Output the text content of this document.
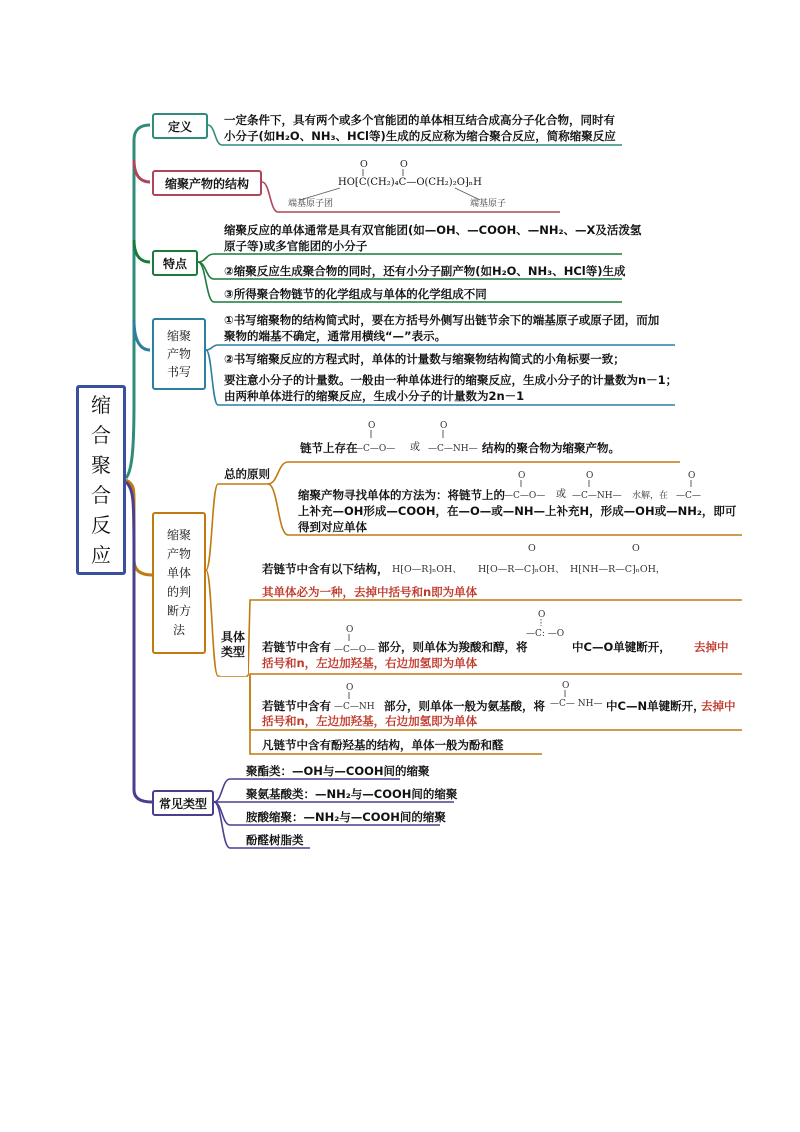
O
—C—O—
O
—C—NH—
O
—C—O—
O
—C—NH— 水解，在
O
—C—
H⁅O—R⁆ₙOH、 H⁅O—R—C⁆ₙOH、
O
H⁅NH—R—C⁆ₙOH，
O
O
—C—O—
O
—C: —O
O
—C—NH
O
—C— NH—
O	O
缩
合
聚
合
反
应
定义	一定条件下，具有两个或多个官能团的单体相互结合成高分子化合物，同时有
小分子(如H₂O、NH₃、HCl等)生成的反应称为缩合聚合反应，简称缩聚反应
缩聚产物的结构	HO⁅C(CH₂)₄C—O(CH₂)₂O⁆ₙH
端基原子团	端基原子
特点
缩聚反应的单体通常是具有双官能团(如—OH、—COOH、—NH₂、—X及活泼氢
原子等)或多官能团的小分子
②缩聚反应生成聚合物的同时，还有小分子副产物(如H₂O、NH₃、HCl等)生成
③所得聚合物链节的化学组成与单体的化学组成不同
缩聚
产物
书写
①书写缩聚物的结构简式时，要在方括号外侧写出链节余下的端基原子或原子团，而加
聚物的端基不确定，通常用横线“—”表示。
②书写缩聚反应的方程式时，单体的计量数与缩聚物结构简式的小角标要一致；
要注意小分子的计量数。一般由一种单体进行的缩聚反应，生成小分子的计量数为n－1；
由两种单体进行的缩聚反应，生成小分子的计量数为2n－1
缩聚
产物
单体
的判
断方
法
总的原则
链节上存在	或	结构的聚合物为缩聚产物。
缩聚产物寻找单体的方法为：将链节上的	或
上补充—OH形成—COOH，在—O—或—NH—上补充H，形成—OH或—NH₂，即可
得到对应单体
具体
类型
若链节中含有以下结构，
其单体必为一种，去掉中括号和n即为单体
若链节中含有	部分，则单体为羧酸和醇，将	中C—O单键断开， 去掉中
括号和n，左边加羟基，右边加氢即为单体
若链节中含有	部分，则单体一般为氨基酸，将	中C—N单键断开，
去掉中
括号和n，左边加羟基，右边加氢即为单体
凡链节中含有酚羟基的结构，单体一般为酚和醛
常见类型
聚酯类：—OH与—COOH间的缩聚
聚氨基酸类：—NH₂与—COOH间的缩聚
胺酸缩聚：—NH₂与—COOH间的缩聚
酚醛树脂类
